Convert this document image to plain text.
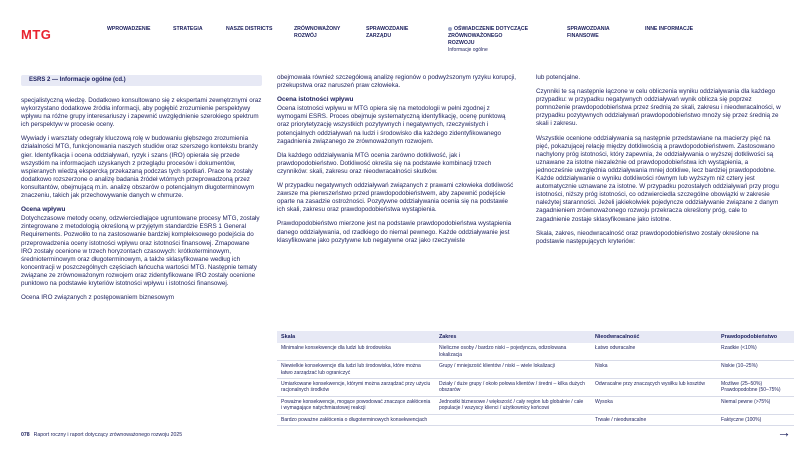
MTG	WPROWADZENIE	STRATEGIA	NASZE DISTRICTS	ZRÓWNOWAŻONY ROZWÓJ
SPRAWOZDANIE ZARZĄDU
OŚWIADCZENIE DOTYCZĄCE ZRÓWNOWAŻONEGO ROZWOJU
Informacje ogólne
SPRAWOZDANIA FINANSOWE
INNE INFORMACJE
ESRS 2 — Informacje ogólne (cd.)

specjalistyczną wiedzę. Dodatkowo konsultowano się z ekspertami zewnętrznymi oraz wykorzystano dodatkowe źródła informacji, aby pogłębić zrozumienie perspektywy wpływu na różne grupy interesariuszy i zapewnić uwzględnienie szerokiego spektrum ich perspektyw w procesie oceny.

Wywiady i warsztaty odegrały kluczową rolę w budowaniu głębszego zrozumienia działalności MTG, funkcjonowania naszych studiów oraz szerszego kontekstu branży gier. Identyfikacja i ocena oddziaływań, ryzyk i szans (IRO) opierała się przede wszystkim na informacjach uzyskanych z przeglądu procesów i dokumentów, wspieranych wiedzą ekspercką przekazaną podczas tych spotkań. Prace te zostały dodatkowo rozszerzone o analizę badania źródeł wtórnych przeprowadzoną przez konsultantów, obejmującą m.in. analizę obszarów o potencjalnym długoterminowym znaczeniu, takich jak przechowywanie danych w chmurze.

Ocena wpływu

Dotychczasowe metody oceny, odzwierciedlające ugruntowane procesy MTG, zostały zintegrowane z metodologią określoną w przyjętym standardzie ESRS 1 General Requirements. Pozwoliło to na zastosowanie bardziej kompleksowego podejścia do przeprowadzenia oceny istotności wpływu oraz istotności finansowej. Zmapowane IRO zostały ocenione w trzech horyzontach czasowych: krótkoterminowym, średnioterminowym oraz długoterminowym, a także sklasyfikowane według ich koncentracji w poszczególnych częściach łańcucha wartości MTG. Następnie tematy związane ze zrównoważonym rozwojem oraz zidentyfikowane IRO zostały ocenione punktowo na podstawie kryteriów istotności wpływu i istotności finansowej.

Ocena IRO związanych z postępowaniem biznesowym

obejmowała również szczegółową analizę regionów o podwyższonym ryzyku korupcji, przekupstwa oraz naruszeń praw człowieka.

Ocena istotności wpływu

Ocena istotności wpływu w MTG opiera się na metodologii w pełni zgodnej z wymogami ESRS. Proces obejmuje systematyczną identyfikację, ocenę punktową oraz priorytetyzację wszystkich pozytywnych i negatywnych, rzeczywistych i potencjalnych oddziaływań na ludzi i środowisko dla każdego zidentyfikowanego zagadnienia związanego ze zrównoważonym rozwojem.

Dla każdego oddziaływania MTG ocenia zarówno dotkliwość, jak i prawdopodobieństwo. Dotkliwość określa się na podstawie kombinacji trzech czynników: skali, zakresu oraz nieodwracalności skutków.

W przypadku negatywnych oddziaływań związanych z prawami człowieka dotkliwość zawsze ma pierwszeństwo przed prawdopodobieństwem, aby zapewnić podejście oparte na zasadzie ostrożności. Pozytywne oddziaływania ocenia się na podstawie ich skali, zakresu oraz prawdopodobieństwa wystąpienia.

Prawdopodobieństwo mierzone jest na podstawie prawdopodobieństwa wystąpienia danego oddziaływania, od rzadkiego do niemal pewnego. Każde oddziaływanie jest klasyfikowane jako pozytywne lub negatywne oraz jako rzeczywiste

lub potencjalne.

Czynniki te są następnie łączone w celu obliczenia wyniku oddziaływania dla każdego przypadku: w przypadku negatywnych oddziaływań wynik oblicza się poprzez pomnożenie prawdopodobieństwa przez średnią ze skali, zakresu i nieodwracalności, w przypadku pozytywnych oddziaływań prawdopodobieństwo mnoży się przez średnią ze skali i zakresu.

Wszystkie ocenione oddziaływania są następnie przedstawiane na macierzy pięć na pięć, pokazującej relację między dotkliwością a prawdopodobieństwem. Zastosowano nachylony próg istotności, który zapewnia, że oddziaływania o wyższej dotkliwości są uznawane za istotne niezależnie od prawdopodobieństwa ich wystąpienia, a jednocześnie uwzględnia oddziaływania mniej dotkliwe, lecz bardziej prawdopodobne. Każde oddziaływanie o wyniku dotkliwości równym lub wyższym niż cztery jest automatycznie uznawane za istotne. W przypadku pozostałych oddziaływań przy progu istotności, niższy próg istotności, co odzwierciedla szczególne obowiązki w zakresie należytej staranności. Jeżeli jakiekolwiek pojedyncze oddziaływanie związane z danym zagadnieniem zrównoważonego rozwoju przekracza określony próg, cale to zagadnienie zostaje sklasyfikowane jako istotne.

Skala, zakres, nieodwracalność oraz prawdopodobieństwo zostały określone na podstawie następujących kryteriów:

Skala	Zakres	Nieodwracalność	Prawdopodobieństwo
Minimalne konsekwencje dla ludzi lub środowiska	Nieliczne osoby / bardzo niski – pojedyncza, odizolowana lokalizacja	Łatwo odwracalne	Rzadkie (<10%)
Niewielkie konsekwencje dla ludzi lub środowiska, które można łatwo zarządzać lub ograniczyć	Grupy / mniejszość klientów / niski – wiele lokalizacji	Niska	Niskie (10–25%)
Umiarkowane konsekwencje, którymi można zarządzać przy użyciu racjonalnych środków	Działy / duże grupy / około połowa klientów / średni – kilka dużych obszarów	Odwracalne przy znaczących wysiłku lub kosztów	Możliwe (25–50%) Prawdopodobne (50–75%)
Poważne konsekwencje, mogące powodować znaczące zakłócenia i wymagające natychmiastowej reakcji	Jednostki biznesowe / większość / cały region lub globalnie / całe populacje / wszyscy klienci / użytkownicy końcowi	Wysoka	Niemal pewne (>75%)
Bardzo poważne zakłócenia o długoterminowych konsekwencjach		Trwałe / nieodwracalne	Faktyczne (100%)
078 Raport roczny i raport dotyczący zrównoważonego rozwoju 2025	→
